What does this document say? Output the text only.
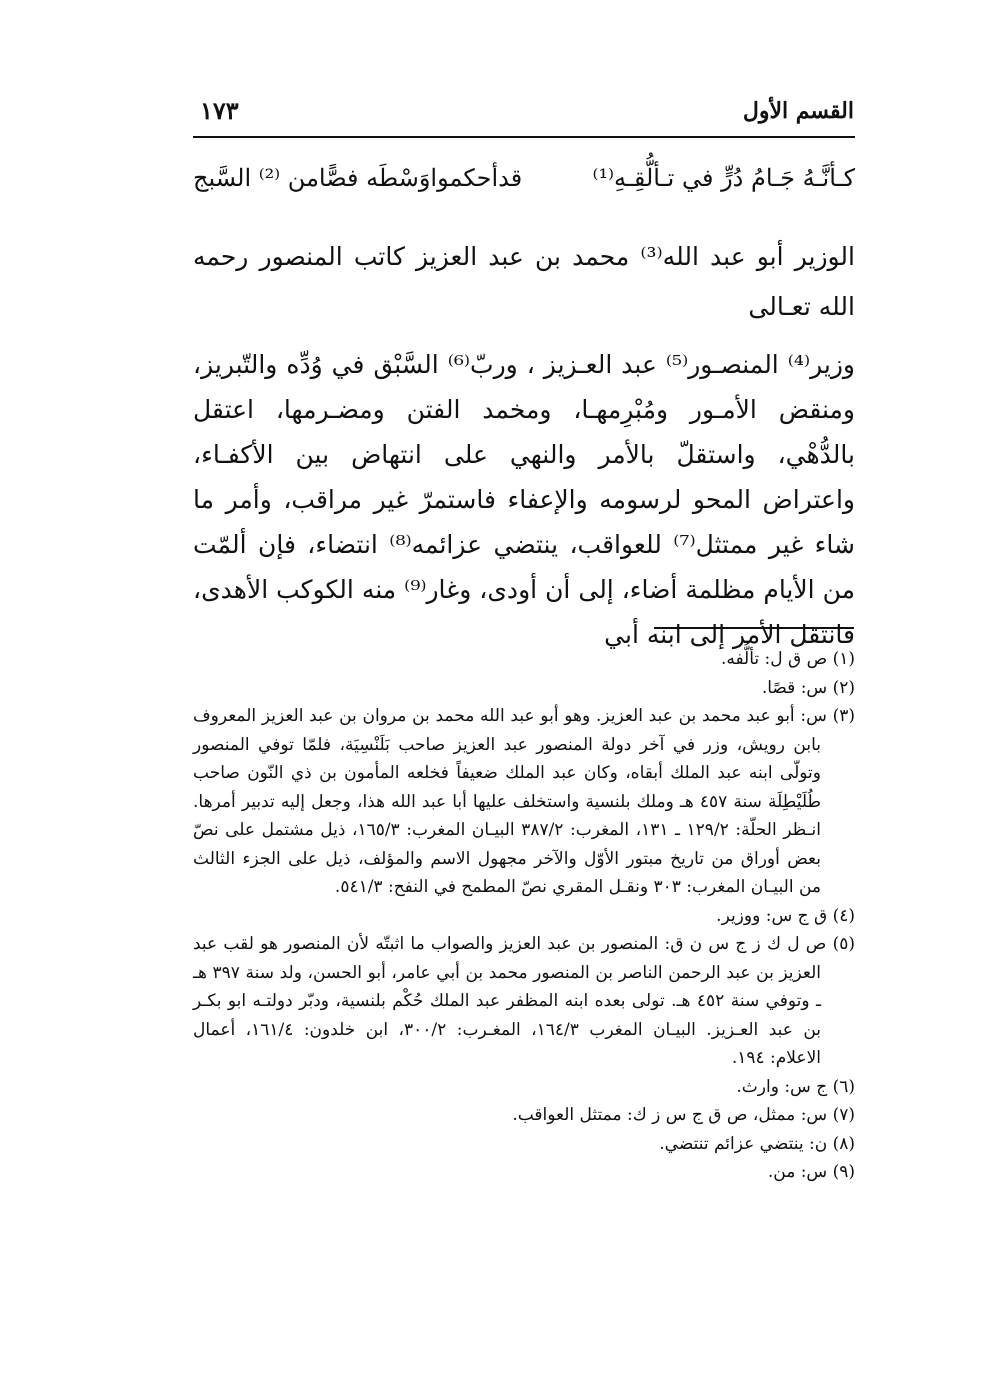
القسم الأول
١٧٣
كـأنَّـهُ جَـامُ دُرٍّ في تـألُّقِـهِ⁽¹⁾
قدأحكمواوَسْطَه فصًّامن ⁽²⁾ السَّبج
الوزير أبو عبد الله⁽³⁾ محمد بن عبد العزيز كاتب المنصور رحمه الله تعـالى
وزير⁽⁴⁾ المنصـور⁽⁵⁾ عبد العـزيز ، وربّ⁽⁶⁾ السَّبْق في وُدِّه والتّبريز، ومنقض الأمـور ومُبْرِمهـا، ومخمد الفتن ومضـرمها، اعتقل بالدُّهْي، واستقلّ بالأمر والنهي على انتهاض بين الأكفـاء، واعتراض المحو لرسومه والإعفاء فاستمرّ غير مراقب، وأمر ما شاء غير ممتثل⁽⁷⁾ للعواقب، ينتضي عزائمه⁽⁸⁾ انتضاء، فإن ألمّت من الأيام مظلمة أضاء، إلى أن أودى، وغار⁽⁹⁾ منه الكوكب الأهدى، فانتقل الأمر إلى ابنه أبي
(١) ص ق ل: تألُّفه.
(٢) س: قصًا.
(٣) س: أبو عبد محمد بن عبد العزيز. وهو أبو عبد الله محمد بن مروان بن عبد العزيز المعروف بابن رويش، وزر في آخر دولة المنصور عبد العزيز صاحب بَلَنْسِيَة، فلمّا توفي المنصور وتولّى ابنه عبد الملك أبقاه، وكان عبد الملك ضعيفاً فخلعه المأمون بن ذي النّون صاحب طُلَيْطِلَة سنة ٤٥٧ هـ وملك بلنسية واستخلف عليها أبا عبد الله هذا، وجعل إليه تدبير أمرها. انـظر الحلّة: ١٢٩/٢ ـ ١٣١، المغرب: ٣٨٧/٢ البيـان المغرب: ١٦٥/٣، ذيل مشتمل على نصّ بعض أوراق من تاريخ مبتور الأوّل والآخر مجهول الاسم والمؤلف، ذيل على الجزء الثالث من البيـان المغرب: ٣٠٣ ونقـل المقري نصّ المطمح في النفح: ٥٤١/٣.
(٤) ق ج س: ووزير.
(٥) ص ل ك ز ج س ن ق: المنصور بن عبد العزيز والصواب ما اثبتّه لأن المنصور هو لقب عبد العزيز بن عبد الرحمن الناصر بن المنصور محمد بن أبي عامر، أبو الحسن، ولد سنة ٣٩٧ هـ ـ وتوفي سنة ٤٥٢ هـ. تولى بعده ابنه المظفر عبد الملك حُكْم بلنسية، ودبّر دولتـه ابو بكـر بن عبد العـزيز. البيـان المغرب ١٦٤/٣، المغـرب: ٣٠٠/٢، ابن خلدون: ١٦١/٤، أعمال الاعلام: ١٩٤.
(٦) ج س: وارث.
(٧) س: ممثل، ص ق ج س ز ك: ممتثل العواقب.
(٨) ن: ينتضي عزائم تنتضي.
(٩) س: من.
